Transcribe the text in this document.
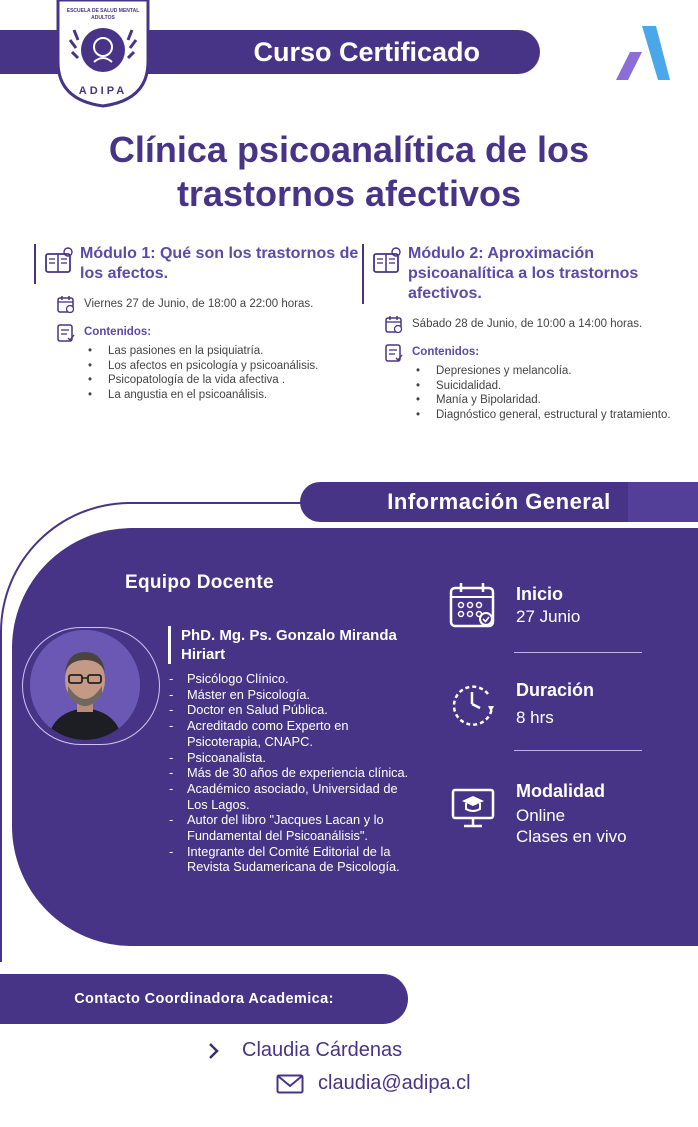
Curso Certificado
ESCUELA DE SALUD MENTAL
ADULTOS
ADIPA
Clínica psicoanalítica de los trastornos afectivos
Módulo 1: Qué son los trastornos de los afectos.
Viernes 27 de Junio, de 18:00 a 22:00 horas.
Contenidos:
• Las pasiones en la psiquiatría.
• Los afectos en psicología y psicoanálisis.
• Psicopatología de la vida afectiva .
• La angustia en el psicoanálisis.
Módulo 2: Aproximación psicoanalítica a los trastornos afectivos.
Sábado 28 de Junio, de 10:00 a 14:00 horas.
Contenidos:
• Depresiones y melancolía.
• Suicidalidad.
• Manía y Bipolaridad.
• Diagnóstico general, estructural y tratamiento.
Información General
Equipo Docente
PhD. Mg. Ps. Gonzalo Miranda Hiriart
- Psicólogo Clínico.
- Máster en Psicología.
- Doctor en Salud Pública.
- Acreditado como Experto en Psicoterapia, CNAPC.
- Psicoanalista.
- Más de 30 años de experiencia clínica.
- Académico asociado, Universidad de Los Lagos.
- Autor del libro "Jacques Lacan y lo Fundamental del Psicoanálisis".
- Integrante del Comité Editorial de la Revista Sudamericana de Psicología.
Inicio
27 Junio
Duración
8 hrs
Modalidad
Online
Clases en vivo
Contacto Coordinadora Academica:
Claudia Cárdenas
claudia@adipa.cl
